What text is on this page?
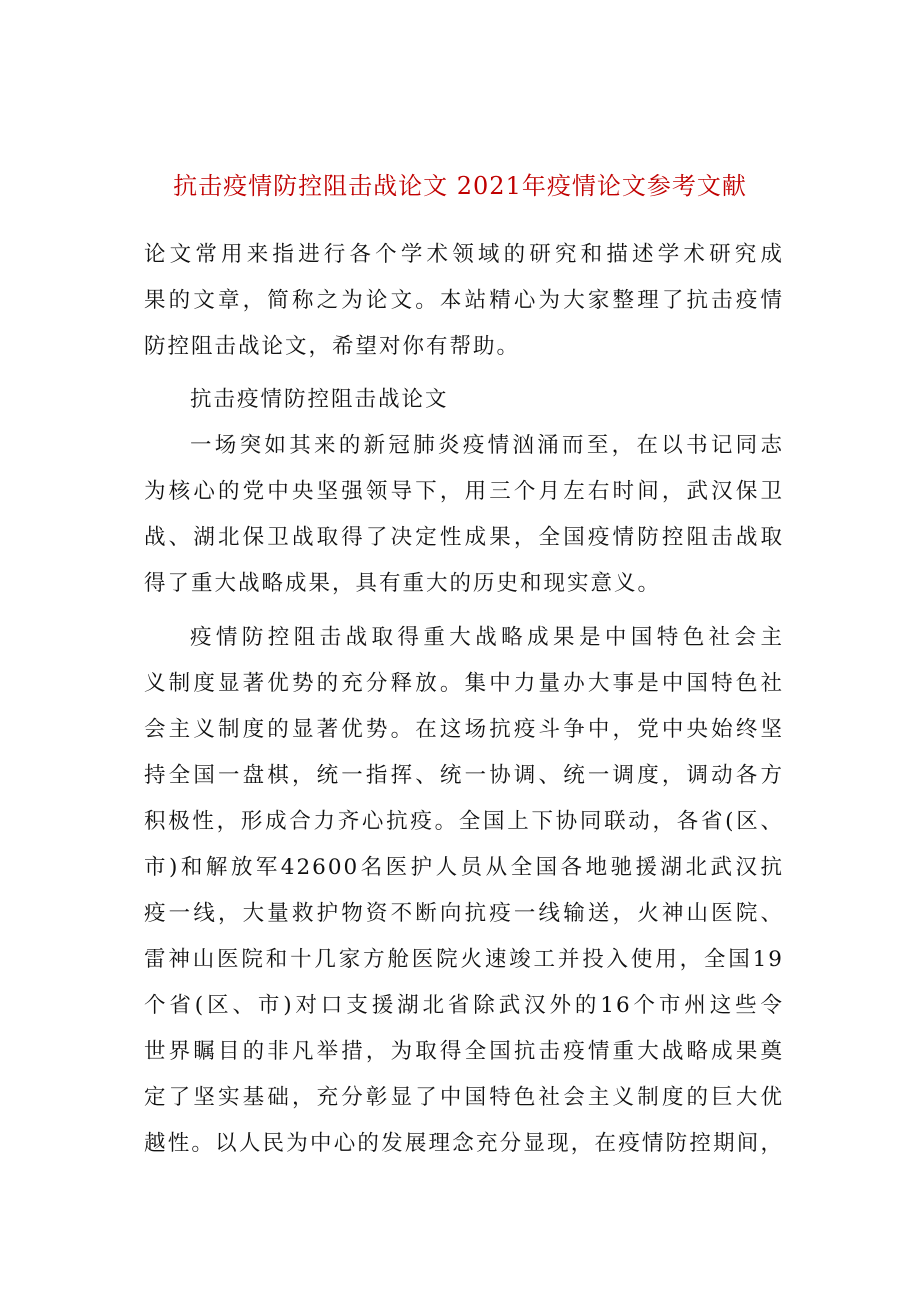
抗击疫情防控阻击战论文 2021年疫情论文参考文献
论文常用来指进行各个学术领域的研究和描述学术研究成
果的文章，简称之为论文。本站精心为大家整理了抗击疫情
防控阻击战论文，希望对你有帮助。
抗击疫情防控阻击战论文
一场突如其来的新冠肺炎疫情汹涌而至，在以书记同志
为核心的党中央坚强领导下，用三个月左右时间，武汉保卫
战、湖北保卫战取得了决定性成果，全国疫情防控阻击战取
得了重大战略成果，具有重大的历史和现实意义。
疫情防控阻击战取得重大战略成果是中国特色社会主
义制度显著优势的充分释放。集中力量办大事是中国特色社
会主义制度的显著优势。在这场抗疫斗争中，党中央始终坚
持全国一盘棋，统一指挥、统一协调、统一调度，调动各方
积极性，形成合力齐心抗疫。全国上下协同联动，各省(区、
市)和解放军42600名医护人员从全国各地驰援湖北武汉抗
疫一线，大量救护物资不断向抗疫一线输送，火神山医院、
雷神山医院和十几家方舱医院火速竣工并投入使用，全国19
个省(区、市)对口支援湖北省除武汉外的16个市州这些令
世界瞩目的非凡举措，为取得全国抗击疫情重大战略成果奠
定了坚实基础，充分彰显了中国特色社会主义制度的巨大优
越性。以人民为中心的发展理念充分显现，在疫情防控期间，
